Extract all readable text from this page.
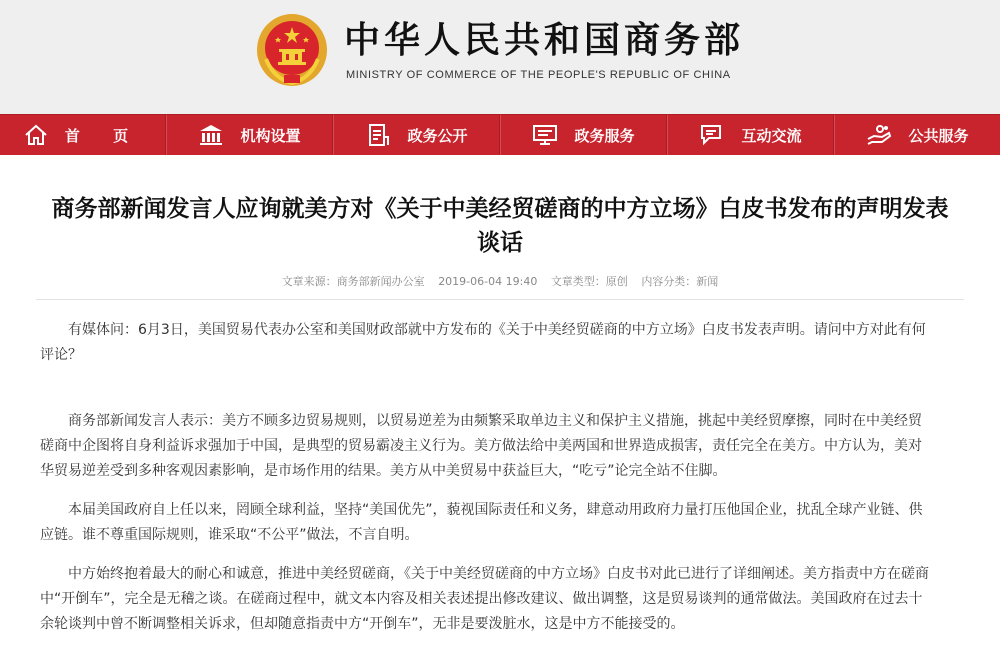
中华人民共和国商务部
MINISTRY OF COMMERCE OF THE PEOPLE'S REPUBLIC OF CHINA
首 页	机构设置	政务公开	政务服务	互动交流	公共服务
商务部新闻发言人应询就美方对《关于中美经贸磋商的中方立场》白皮书发布的声明发表
谈话
文章来源：商务部新闻办公室 2019-06-04 19:40 文章类型：原创 内容分类：新闻

有媒体问：6月3日，美国贸易代表办公室和美国财政部就中方发布的《关于中美经贸磋商的中方立场》白皮书发表声明。请问中方对此有何评论？

商务部新闻发言人表示：美方不顾多边贸易规则，以贸易逆差为由频繁采取单边主义和保护主义措施，挑起中美经贸摩擦，同时在中美经贸磋商中企图将自身利益诉求强加于中国，是典型的贸易霸凌主义行为。美方做法给中美两国和世界造成损害，责任完全在美方。中方认为，美对华贸易逆差受到多种客观因素影响，是市场作用的结果。美方从中美贸易中获益巨大，“吃亏”论完全站不住脚。

本届美国政府自上任以来，罔顾全球利益，坚持“美国优先”，藐视国际责任和义务，肆意动用政府力量打压他国企业，扰乱全球产业链、供应链。谁不尊重国际规则，谁采取“不公平”做法，不言自明。

中方始终抱着最大的耐心和诚意，推进中美经贸磋商，《关于中美经贸磋商的中方立场》白皮书对此已进行了详细阐述。美方指责中方在磋商中“开倒车”，完全是无稽之谈。在磋商过程中，就文本内容及相关表述提出修改建议、做出调整，这是贸易谈判的通常做法。美国政府在过去十余轮谈判中曾不断调整相关诉求，但却随意指责中方“开倒车”，无非是要泼脏水，这是中方不能接受的。
